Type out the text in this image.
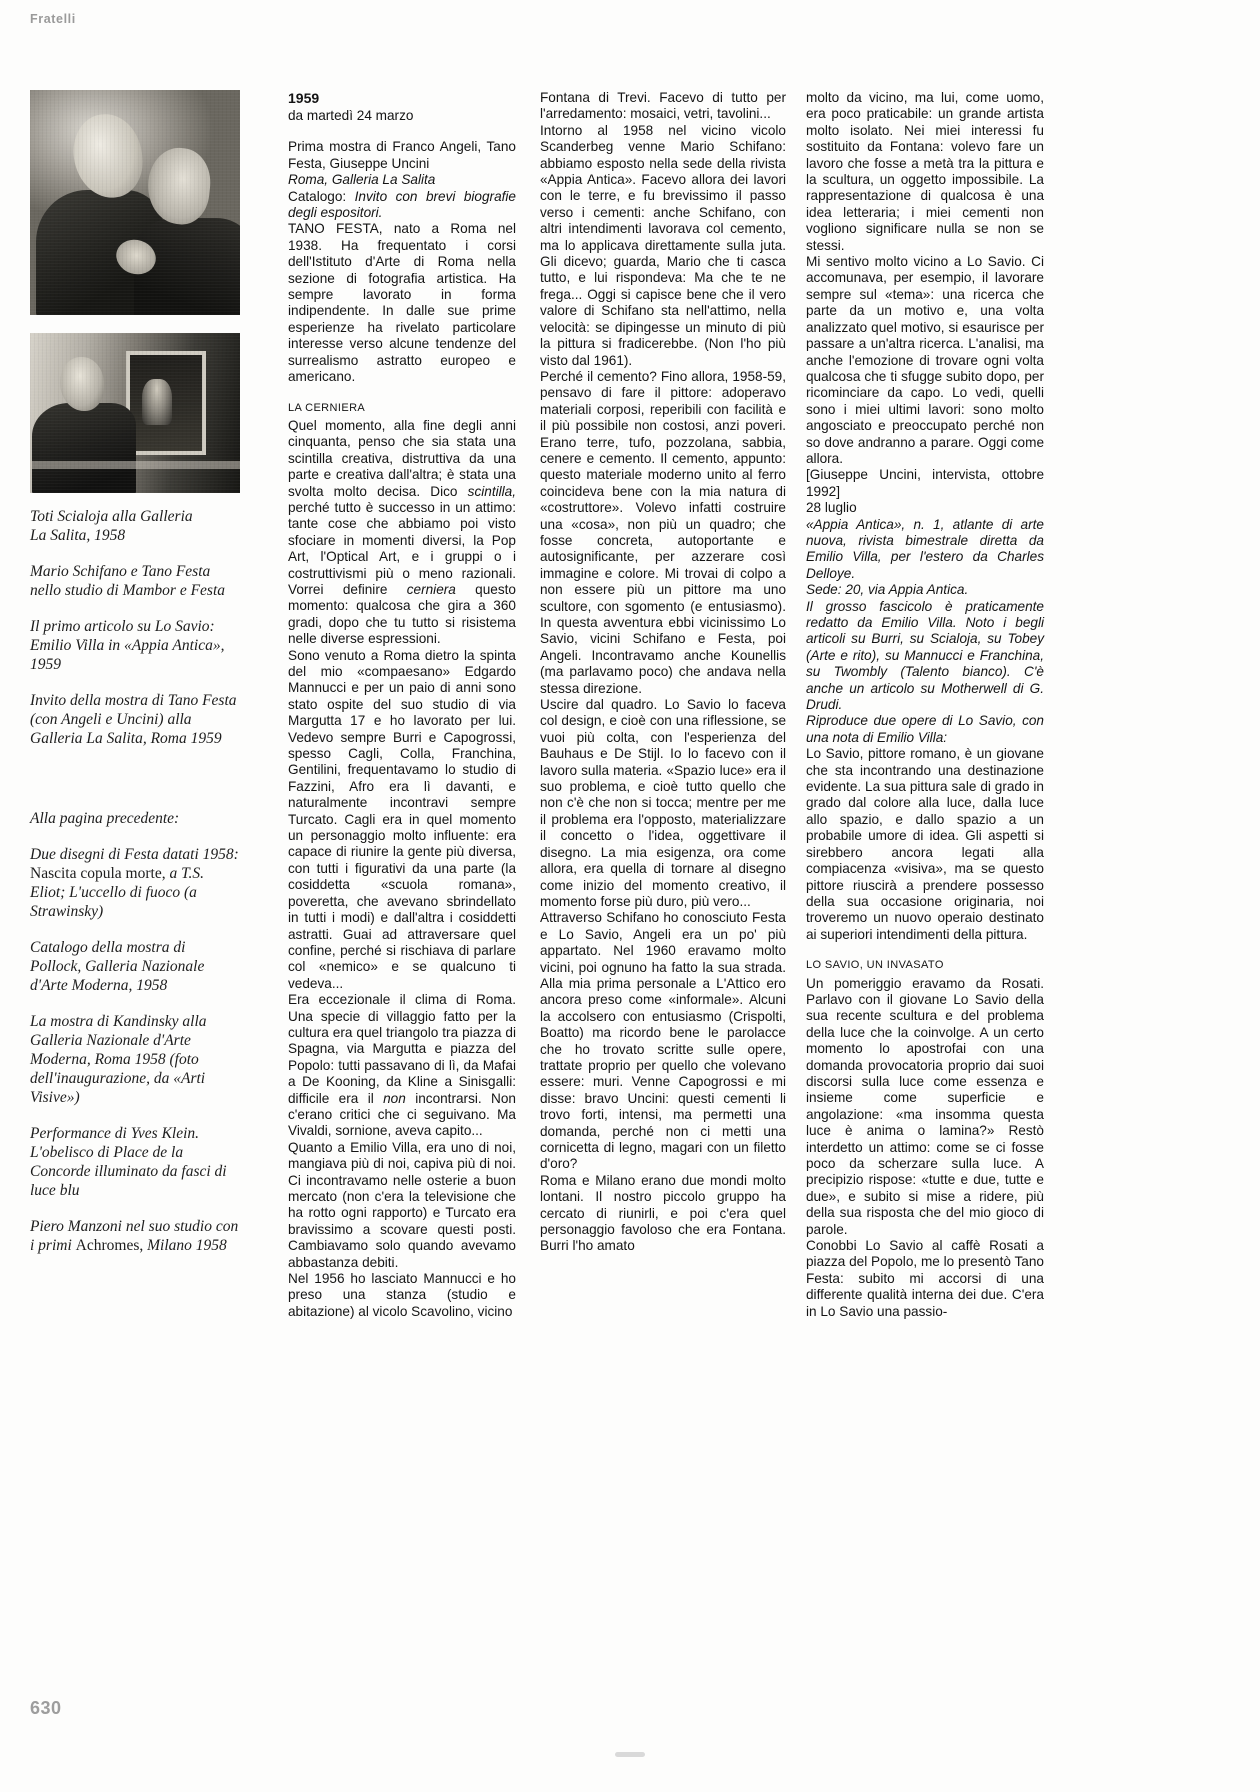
Fratelli

Toti Scialoja alla Galleria
La Salita, 1958

Mario Schifano e Tano Festa
nello studio di Mambor e Festa

Il primo articolo su Lo Savio: Emilio Villa in «Appia Antica», 1959

Invito della mostra di Tano Festa (con Angeli e Uncini) alla Galleria La Salita, Roma 1959

Alla pagina precedente:

Due disegni di Festa datati 1958: Nascita copula morte, a T.S. Eliot; L'uccello di fuoco (a Strawinsky)

Catalogo della mostra di Pollock, Galleria Nazionale d'Arte Moderna, 1958

La mostra di Kandinsky alla Galleria Nazionale d'Arte Moderna, Roma 1958 (foto dell'inaugurazione, da «Arti Visive»)

Performance di Yves Klein. L'obelisco di Place de la Concorde illuminato da fasci di luce blu

Piero Manzoni nel suo studio con i primi Achromes, Milano 1958

1959
da martedì 24 marzo

Prima mostra di Franco Angeli, Tano Festa, Giuseppe Uncini

Roma, Galleria La Salita

Catalogo: Invito con brevi biografie degli espositori.

TANO FESTA, nato a Roma nel 1938. Ha frequentato i corsi dell'Istituto d'Arte di Roma nella sezione di fotografia artistica. Ha sempre lavorato in forma indipendente. In dalle sue prime esperienze ha rivelato particolare interesse verso alcune tendenze del surrealismo astratto europeo e americano.

LA CERNIERA

Quel momento, alla fine degli anni cinquanta, penso che sia stata una scintilla creativa, distruttiva da una parte e creativa dall'altra; è stata una svolta molto decisa. Dico scintilla, perché tutto è successo in un attimo: tante cose che abbiamo poi visto sfociare in momenti diversi, la Pop Art, l'Optical Art, e i gruppi o i costruttivismi più o meno razionali. Vorrei definire cerniera questo momento: qualcosa che gira a 360 gradi, dopo che tu tutto si risistema nelle diverse espressioni.

Sono venuto a Roma dietro la spinta del mio «compaesano» Edgardo Mannucci e per un paio di anni sono stato ospite del suo studio di via Margutta 17 e ho lavorato per lui. Vedevo sempre Burri e Capogrossi, spesso Cagli, Colla, Franchina, Gentilini, frequentavamo lo studio di Fazzini, Afro era lì davanti, e naturalmente incontravi sempre Turcato. Cagli era in quel momento un personaggio molto influente: era capace di riunire la gente più diversa, con tutti i figurativi da una parte (la cosiddetta «scuola romana», poveretta, che avevano sbrindellato in tutti i modi) e dall'altra i cosiddetti astratti. Guai ad attraversare quel confine, perché si rischiava di parlare col «nemico» e se qualcuno ti vedeva...

Era eccezionale il clima di Roma. Una specie di villaggio fatto per la cultura era quel triangolo tra piazza di Spagna, via Margutta e piazza del Popolo: tutti passavano di lì, da Mafai a De Kooning, da Kline a Sinisgalli: difficile era il non incontrarsi. Non c'erano critici che ci seguivano. Ma Vivaldi, sornione, aveva capito...

Quanto a Emilio Villa, era uno di noi, mangiava più di noi, capiva più di noi. Ci incontravamo nelle osterie a buon mercato (non c'era la televisione che ha rotto ogni rapporto) e Turcato era bravissimo a scovare questi posti. Cambiavamo solo quando avevamo abbastanza debiti.

Nel 1956 ho lasciato Mannucci e ho preso una stanza (studio e abitazione) al vicolo Scavolino, vicino

Fontana di Trevi. Facevo di tutto per l'arredamento: mosaici, vetri, tavolini...

Intorno al 1958 nel vicino vicolo Scanderbeg venne Mario Schifano: abbiamo esposto nella sede della rivista «Appia Antica». Facevo allora dei lavori con le terre, e fu brevissimo il passo verso i cementi: anche Schifano, con altri intendimenti lavorava col cemento, ma lo applicava direttamente sulla juta. Gli dicevo; guarda, Mario che ti casca tutto, e lui rispondeva: Ma che te ne frega... Oggi si capisce bene che il vero valore di Schifano sta nell'attimo, nella velocità: se dipingesse un minuto di più la pittura si fradicerebbe. (Non l'ho più visto dal 1961).

Perché il cemento? Fino allora, 1958-59, pensavo di fare il pittore: adoperavo materiali corposi, reperibili con facilità e il più possibile non costosi, anzi poveri. Erano terre, tufo, pozzolana, sabbia, cenere e cemento. Il cemento, appunto: questo materiale moderno unito al ferro coincideva bene con la mia natura di «costruttore». Volevo infatti costruire una «cosa», non più un quadro; che fosse concreta, autoportante e autosignificante, per azzerare così immagine e colore. Mi trovai di colpo a non essere più un pittore ma uno scultore, con sgomento (e entusiasmo). In questa avventura ebbi vicinissimo Lo Savio, vicini Schifano e Festa, poi Angeli. Incontravamo anche Kounellis (ma parlavamo poco) che andava nella stessa direzione.

Uscire dal quadro. Lo Savio lo faceva col design, e cioè con una riflessione, se vuoi più colta, con l'esperienza del Bauhaus e De Stijl. Io lo facevo con il lavoro sulla materia. «Spazio luce» era il suo problema, e cioè tutto quello che non c'è che non si tocca; mentre per me il problema era l'opposto, materializzare il concetto o l'idea, oggettivare il disegno. La mia esigenza, ora come allora, era quella di tornare al disegno come inizio del momento creativo, il momento forse più duro, più vero...

Attraverso Schifano ho conosciuto Festa e Lo Savio, Angeli era un po' più appartato. Nel 1960 eravamo molto vicini, poi ognuno ha fatto la sua strada. Alla mia prima personale a L'Attico ero ancora preso come «informale». Alcuni la accolsero con entusiasmo (Crispolti, Boatto) ma ricordo bene le parolacce che ho trovato scritte sulle opere, trattate proprio per quello che volevano essere: muri. Venne Capogrossi e mi disse: bravo Uncini: questi cementi li trovo forti, intensi, ma permetti una domanda, perché non ci metti una cornicetta di legno, magari con un filetto d'oro?

Roma e Milano erano due mondi molto lontani. Il nostro piccolo gruppo ha cercato di riunirli, e poi c'era quel personaggio favoloso che era Fontana. Burri l'ho amato

molto da vicino, ma lui, come uomo, era poco praticabile: un grande artista molto isolato. Nei miei interessi fu sostituito da Fontana: volevo fare un lavoro che fosse a metà tra la pittura e la scultura, un oggetto impossibile. La rappresentazione di qualcosa è una idea letteraria; i miei cementi non vogliono significare nulla se non se stessi.

Mi sentivo molto vicino a Lo Savio. Ci accomunava, per esempio, il lavorare sempre sul «tema»: una ricerca che parte da un motivo e, una volta analizzato quel motivo, si esaurisce per passare a un'altra ricerca. L'analisi, ma anche l'emozione di trovare ogni volta qualcosa che ti sfugge subito dopo, per ricominciare da capo. Lo vedi, quelli sono i miei ultimi lavori: sono molto angosciato e preoccupato perché non so dove andranno a parare. Oggi come allora.

[Giuseppe Uncini, intervista, ottobre 1992]

28 luglio

«Appia Antica», n. 1, atlante di arte nuova, rivista bimestrale diretta da Emilio Villa, per l'estero da Charles Delloye.

Sede: 20, via Appia Antica.

Il grosso fascicolo è praticamente redatto da Emilio Villa. Noto i begli articoli su Burri, su Scialoja, su Tobey (Arte e rito), su Mannucci e Franchina, su Twombly (Talento bianco). C'è anche un articolo su Motherwell di G. Drudi.

Riproduce due opere di Lo Savio, con una nota di Emilio Villa:

Lo Savio, pittore romano, è un giovane che sta incontrando una destinazione evidente. La sua pittura sale di grado in grado dal colore alla luce, dalla luce allo spazio, e dallo spazio a un probabile umore di idea. Gli aspetti si sirebbero ancora legati alla compiacenza «visiva», ma se questo pittore riuscirà a prendere possesso della sua occasione originaria, noi troveremo un nuovo operaio destinato ai superiori intendimenti della pittura.

LO SAVIO, UN INVASATO

Un pomeriggio eravamo da Rosati. Parlavo con il giovane Lo Savio della sua recente scultura e del problema della luce che la coinvolge. A un certo momento lo apostrofai con una domanda provocatoria proprio dai suoi discorsi sulla luce come essenza e insieme come superficie e angolazione: «ma insomma questa luce è anima o lamina?» Restò interdetto un attimo: come se ci fosse poco da scherzare sulla luce. A precipizio rispose: «tutte e due, tutte e due», e subito si mise a ridere, più della sua risposta che del mio gioco di parole.

Conobbi Lo Savio al caffè Rosati a piazza del Popolo, me lo presentò Tano Festa: subito mi accorsi di una differente qualità interna dei due. C'era in Lo Savio una passio-

630
